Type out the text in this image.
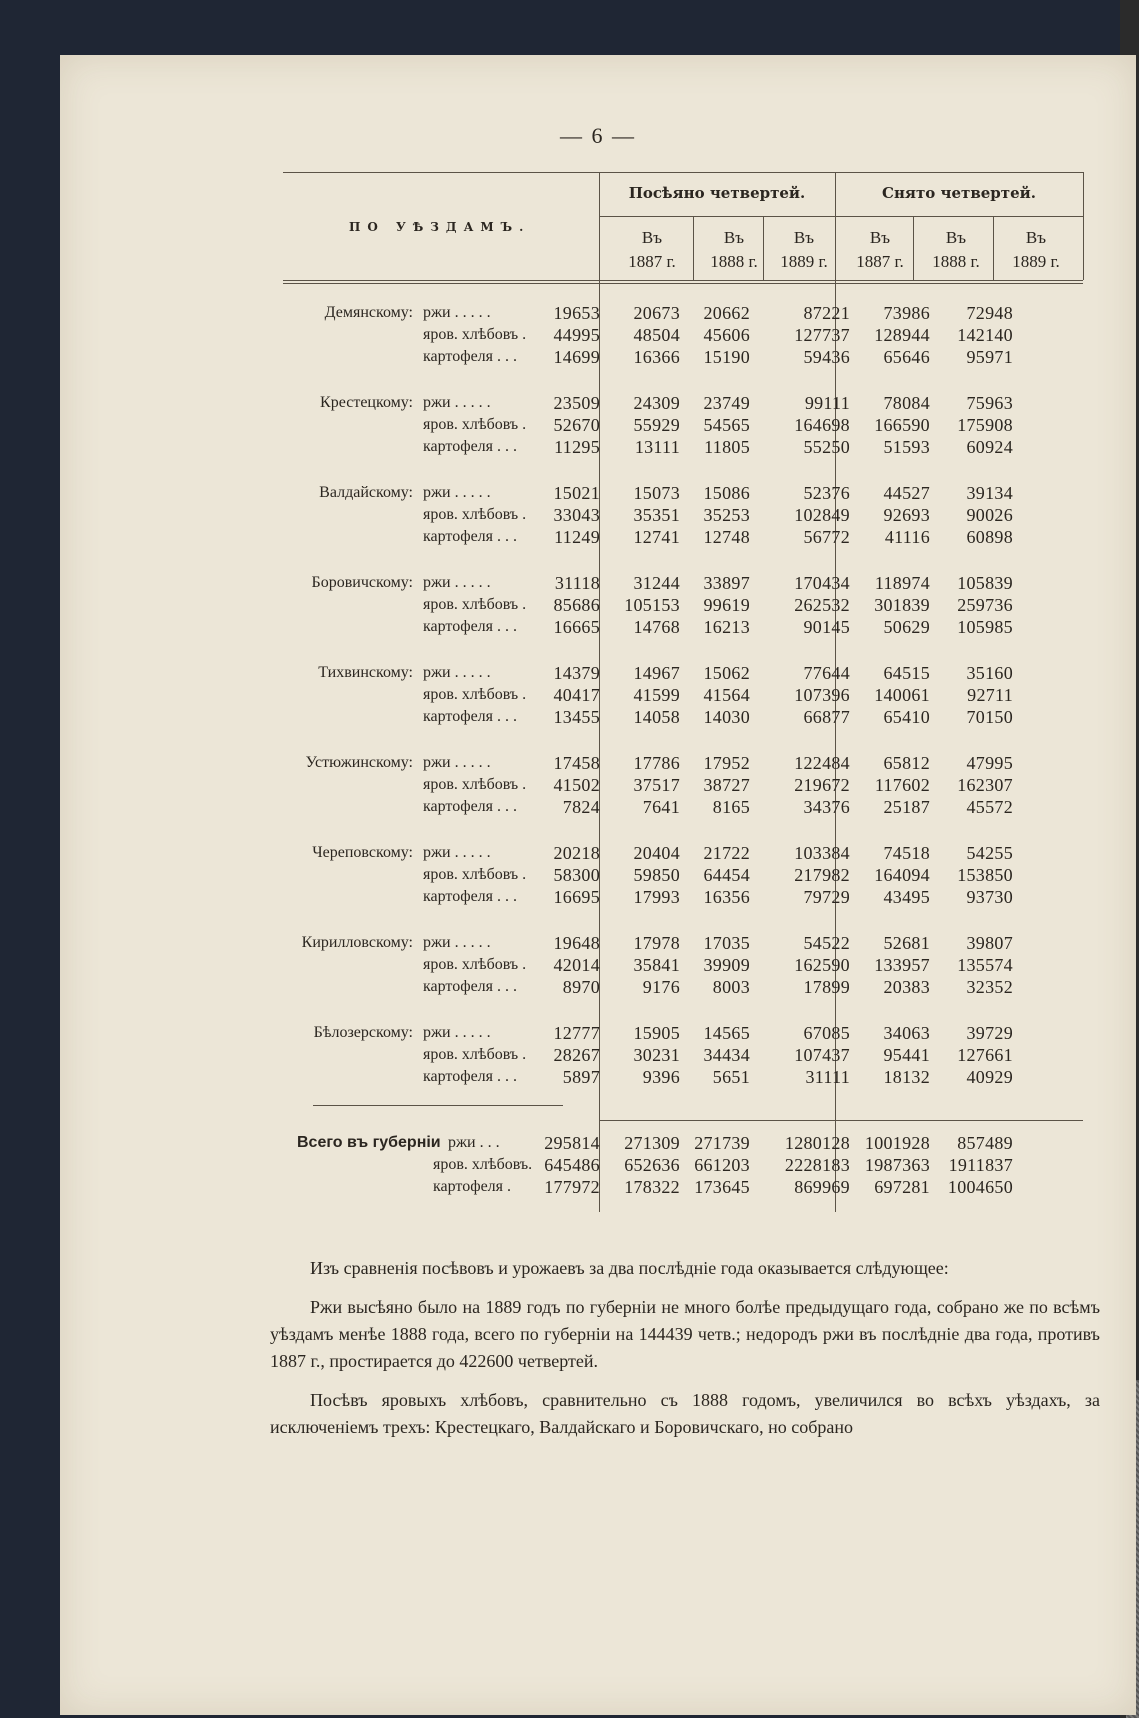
— 6 —
ПО УѢЗДАМЪ.
Посѣяно четвертей.	Снято четвертей.
Въ
1887 г.
Въ
1888 г.
Въ
1889 г.
Въ
1887 г.
Въ
1888 г.
Въ
1889 г.
Демянскому: ржи . . . . .	19653	20673	20662	87221	73986	72948
яров. хлѣбовъ .	44995	48504	45606	127737	128944	142140
картофеля . . .	14699	16366	15190	59436	65646	95971
Крестецкому: ржи . . . . .	23509	24309	23749	99111	78084	75963
яров. хлѣбовъ .	52670	55929	54565	164698	166590	175908
картофеля . . .	11295	13111	11805	55250	51593	60924
Валдайскому: ржи . . . . .	15021	15073	15086	52376	44527	39134
яров. хлѣбовъ .	33043	35351	35253	102849	92693	90026
картофеля . . .	11249	12741	12748	56772	41116	60898
Боровичскому: ржи . . . . .	31118	31244	33897	170434	118974	105839
яров. хлѣбовъ .	85686	105153	99619	262532	301839	259736
картофеля . . .	16665	14768	16213	90145	50629	105985
Тихвинскому: ржи . . . . .	14379	14967	15062	77644	64515	35160
яров. хлѣбовъ .	40417	41599	41564	107396	140061	92711
картофеля . . .	13455	14058	14030	66877	65410	70150
Устюжинскому: ржи . . . . .	17458	17786	17952	122484	65812	47995
яров. хлѣбовъ .	41502	37517	38727	219672	117602	162307
картофеля . . .	7824	7641	8165	34376	25187	45572
Череповскому: ржи . . . . .	20218	20404	21722	103384	74518	54255
яров. хлѣбовъ .	58300	59850	64454	217982	164094	153850
картофеля . . .	16695	17993	16356	79729	43495	93730
Кирилловскому: ржи . . . . .	19648	17978	17035	54522	52681	39807
яров. хлѣбовъ .	42014	35841	39909	162590	133957	135574
картофеля . . .	8970	9176	8003	17899	20383	32352
Бѣлозерскому: ржи . . . . .	12777	15905	14565	67085	34063	39729
яров. хлѣбовъ .	28267	30231	34434	107437	95441	127661
картофеля . . .	5897	9396	5651	31111	18132	40929
Всего въ губерніи ржи . . .	295814	271309 271739	1280128 1001928	857489
яров. хлѣбовъ. 645486	652636 661203	2228183 1987363	1911837
картофеля .	177972	178322 173645	869969	697281 1004650

Изъ сравненія посѣвовъ и урожаевъ за два послѣдніе года оказывается слѣдующее:

Ржи высѣяно было на 1889 годъ по губерніи не много болѣе предыдущаго года, собрано же по всѣмъ уѣздамъ менѣе 1888 года, всего по губерніи на 144439 четв.; недородъ ржи въ послѣдніе два года, противъ 1887 г., простирается до 422600 четвертей.

Посѣвъ яровыхъ хлѣбовъ, сравнительно съ 1888 годомъ, увеличился во всѣхъ уѣздахъ, за исключеніемъ трехъ: Крестецкаго, Валдайскаго и Боровичскаго, но собрано
